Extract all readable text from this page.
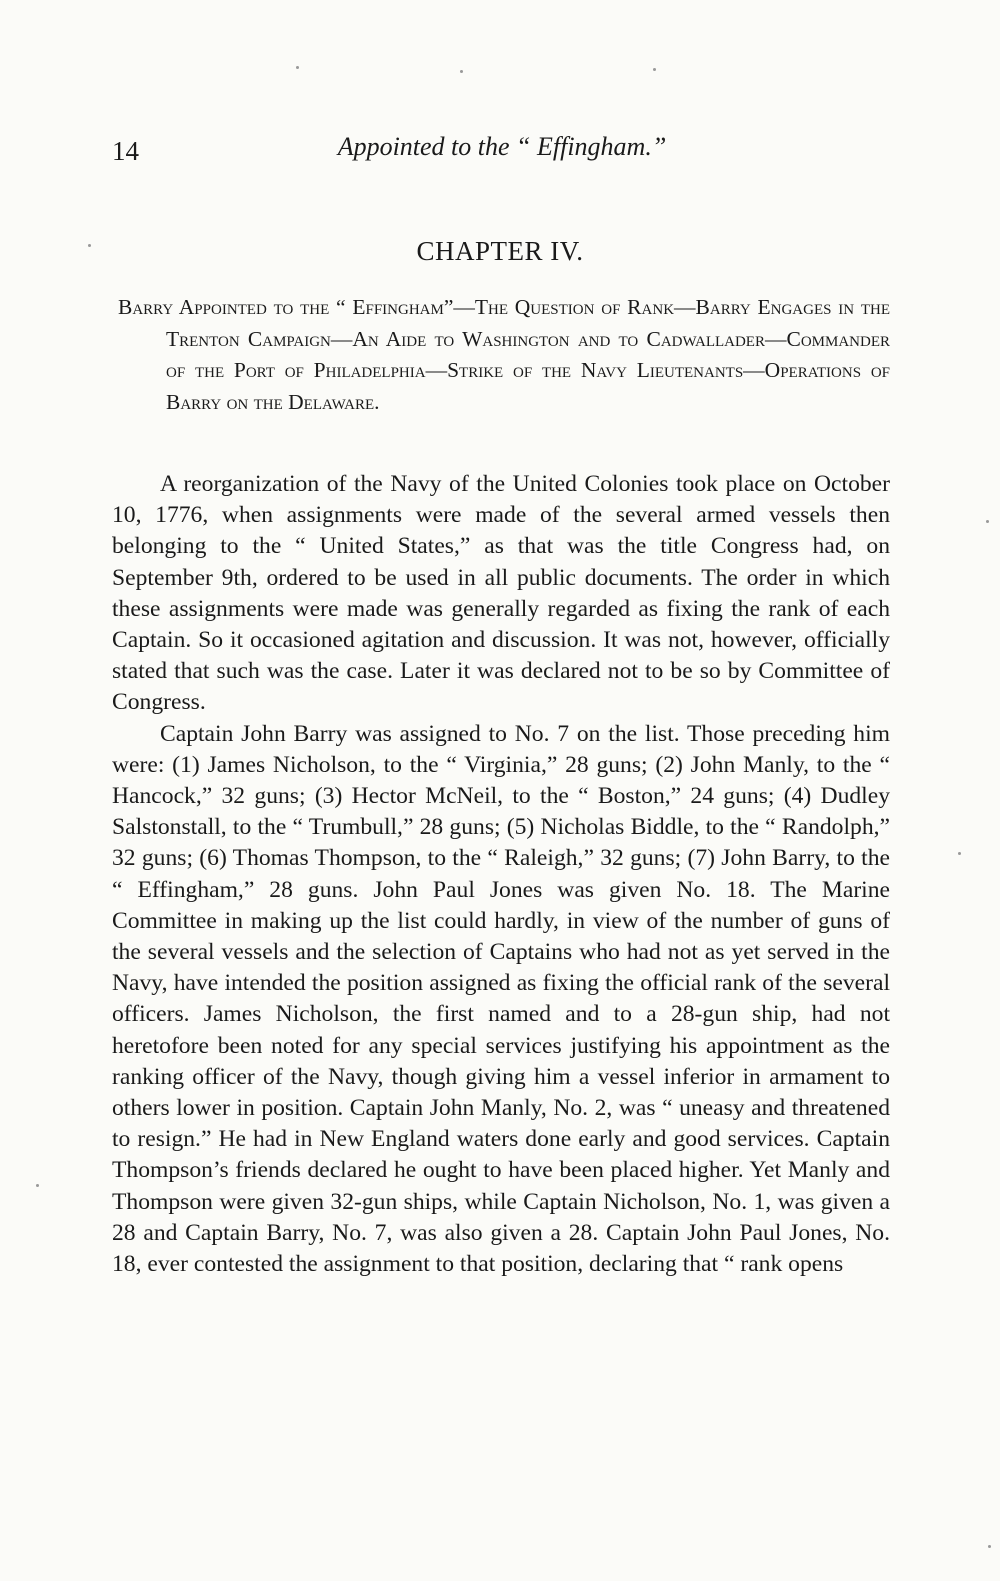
14	Appointed to the “ Effingham.”
CHAPTER IV.
Barry Appointed to the “ Effingham”—The Question of Rank—Barry Engages in the Trenton Campaign—An Aide to Washington and to Cadwallader—Commander of the Port of Philadelphia—Strike of the Navy Lieutenants—Operations of Barry on the Delaware.

A reorganization of the Navy of the United Colonies took place on October 10, 1776, when assignments were made of the several armed vessels then belonging to the “ United States,” as that was the title Congress had, on September 9th, ordered to be used in all public documents. The order in which these assignments were made was generally regarded as fixing the rank of each Captain. So it occasioned agitation and discussion. It was not, however, officially stated that such was the case. Later it was declared not to be so by Committee of Congress.

Captain John Barry was assigned to No. 7 on the list. Those preceding him were: (1) James Nicholson, to the “ Virginia,” 28 guns; (2) John Manly, to the “ Hancock,” 32 guns; (3) Hector McNeil, to the “ Boston,” 24 guns; (4) Dudley Salstonstall, to the “ Trumbull,” 28 guns; (5) Nicholas Biddle, to the “ Randolph,” 32 guns; (6) Thomas Thompson, to the “ Raleigh,” 32 guns; (7) John Barry, to the “ Effingham,” 28 guns. John Paul Jones was given No. 18. The Marine Committee in making up the list could hardly, in view of the number of guns of the several vessels and the selection of Captains who had not as yet served in the Navy, have intended the position assigned as fixing the official rank of the several officers. James Nicholson, the first named and to a 28-gun ship, had not heretofore been noted for any special services justifying his appointment as the ranking officer of the Navy, though giving him a vessel inferior in armament to others lower in position. Captain John Manly, No. 2, was “ uneasy and threatened to resign.” He had in New England waters done early and good services. Captain Thompson’s friends declared he ought to have been placed higher. Yet Manly and Thompson were given 32-gun ships, while Captain Nicholson, No. 1, was given a 28 and Captain Barry, No. 7, was also given a 28. Captain John Paul Jones, No. 18, ever contested the assignment to that position, declaring that “ rank opens
